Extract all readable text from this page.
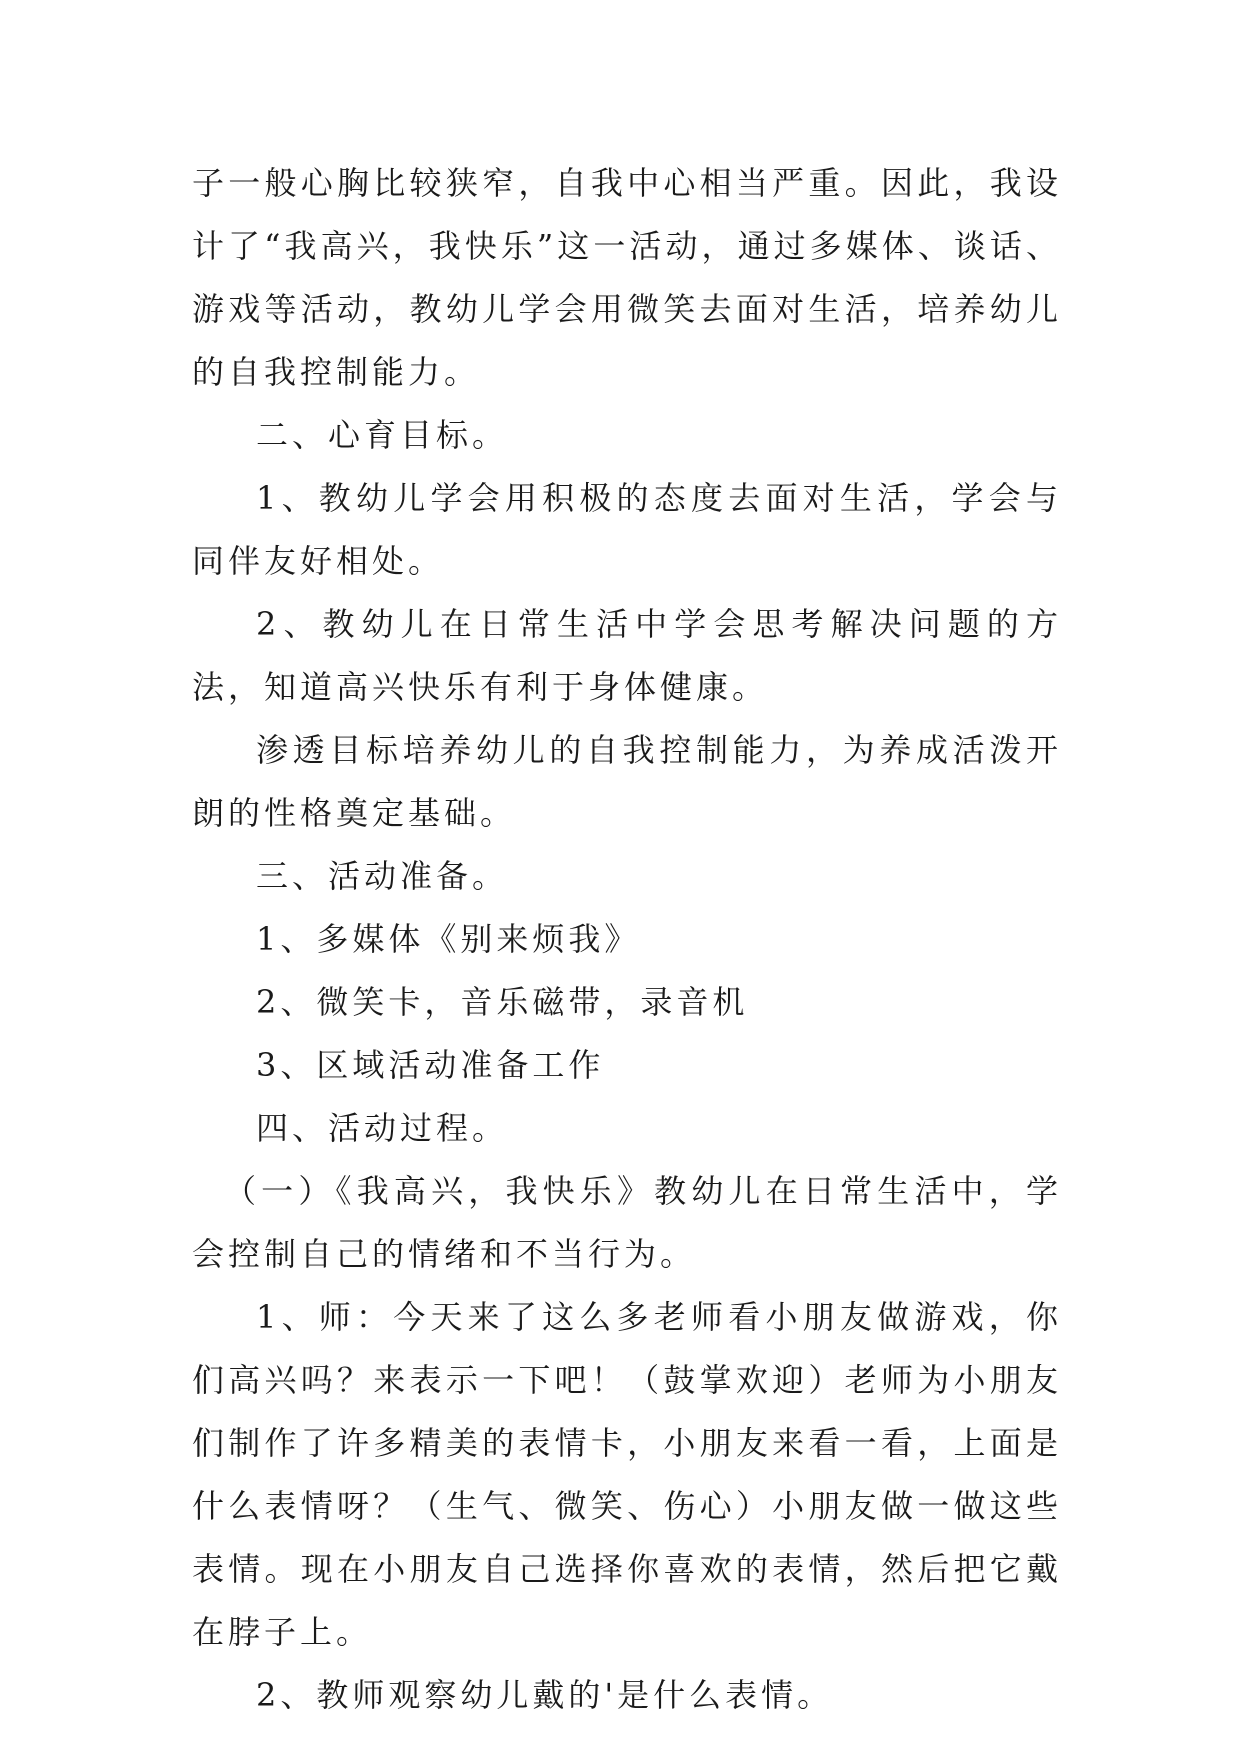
子一般心胸比较狭窄，自我中心相当严重。因此，我设计了“我高兴，我快乐”这一活动，通过多媒体、谈话、游戏等活动，教幼儿学会用微笑去面对生活，培养幼儿的自我控制能力。

二、心育目标。

1、教幼儿学会用积极的态度去面对生活，学会与同伴友好相处。

2、教幼儿在日常生活中学会思考解决问题的方法，知道高兴快乐有利于身体健康。

渗透目标培养幼儿的自我控制能力，为养成活泼开朗的性格奠定基础。

三、活动准备。

1、多媒体《别来烦我》

2、微笑卡，音乐磁带，录音机

3、区域活动准备工作

四、活动过程。

（一）《我高兴，我快乐》教幼儿在日常生活中，学会控制自己的情绪和不当行为。

1、师：今天来了这么多老师看小朋友做游戏，你们高兴吗？来表示一下吧！（鼓掌欢迎）老师为小朋友们制作了许多精美的表情卡，小朋友来看一看，上面是什么表情呀？（生气、微笑、伤心）小朋友做一做这些表情。现在小朋友自己选择你喜欢的表情，然后把它戴在脖子上。

2、教师观察幼儿戴的'是什么表情。
